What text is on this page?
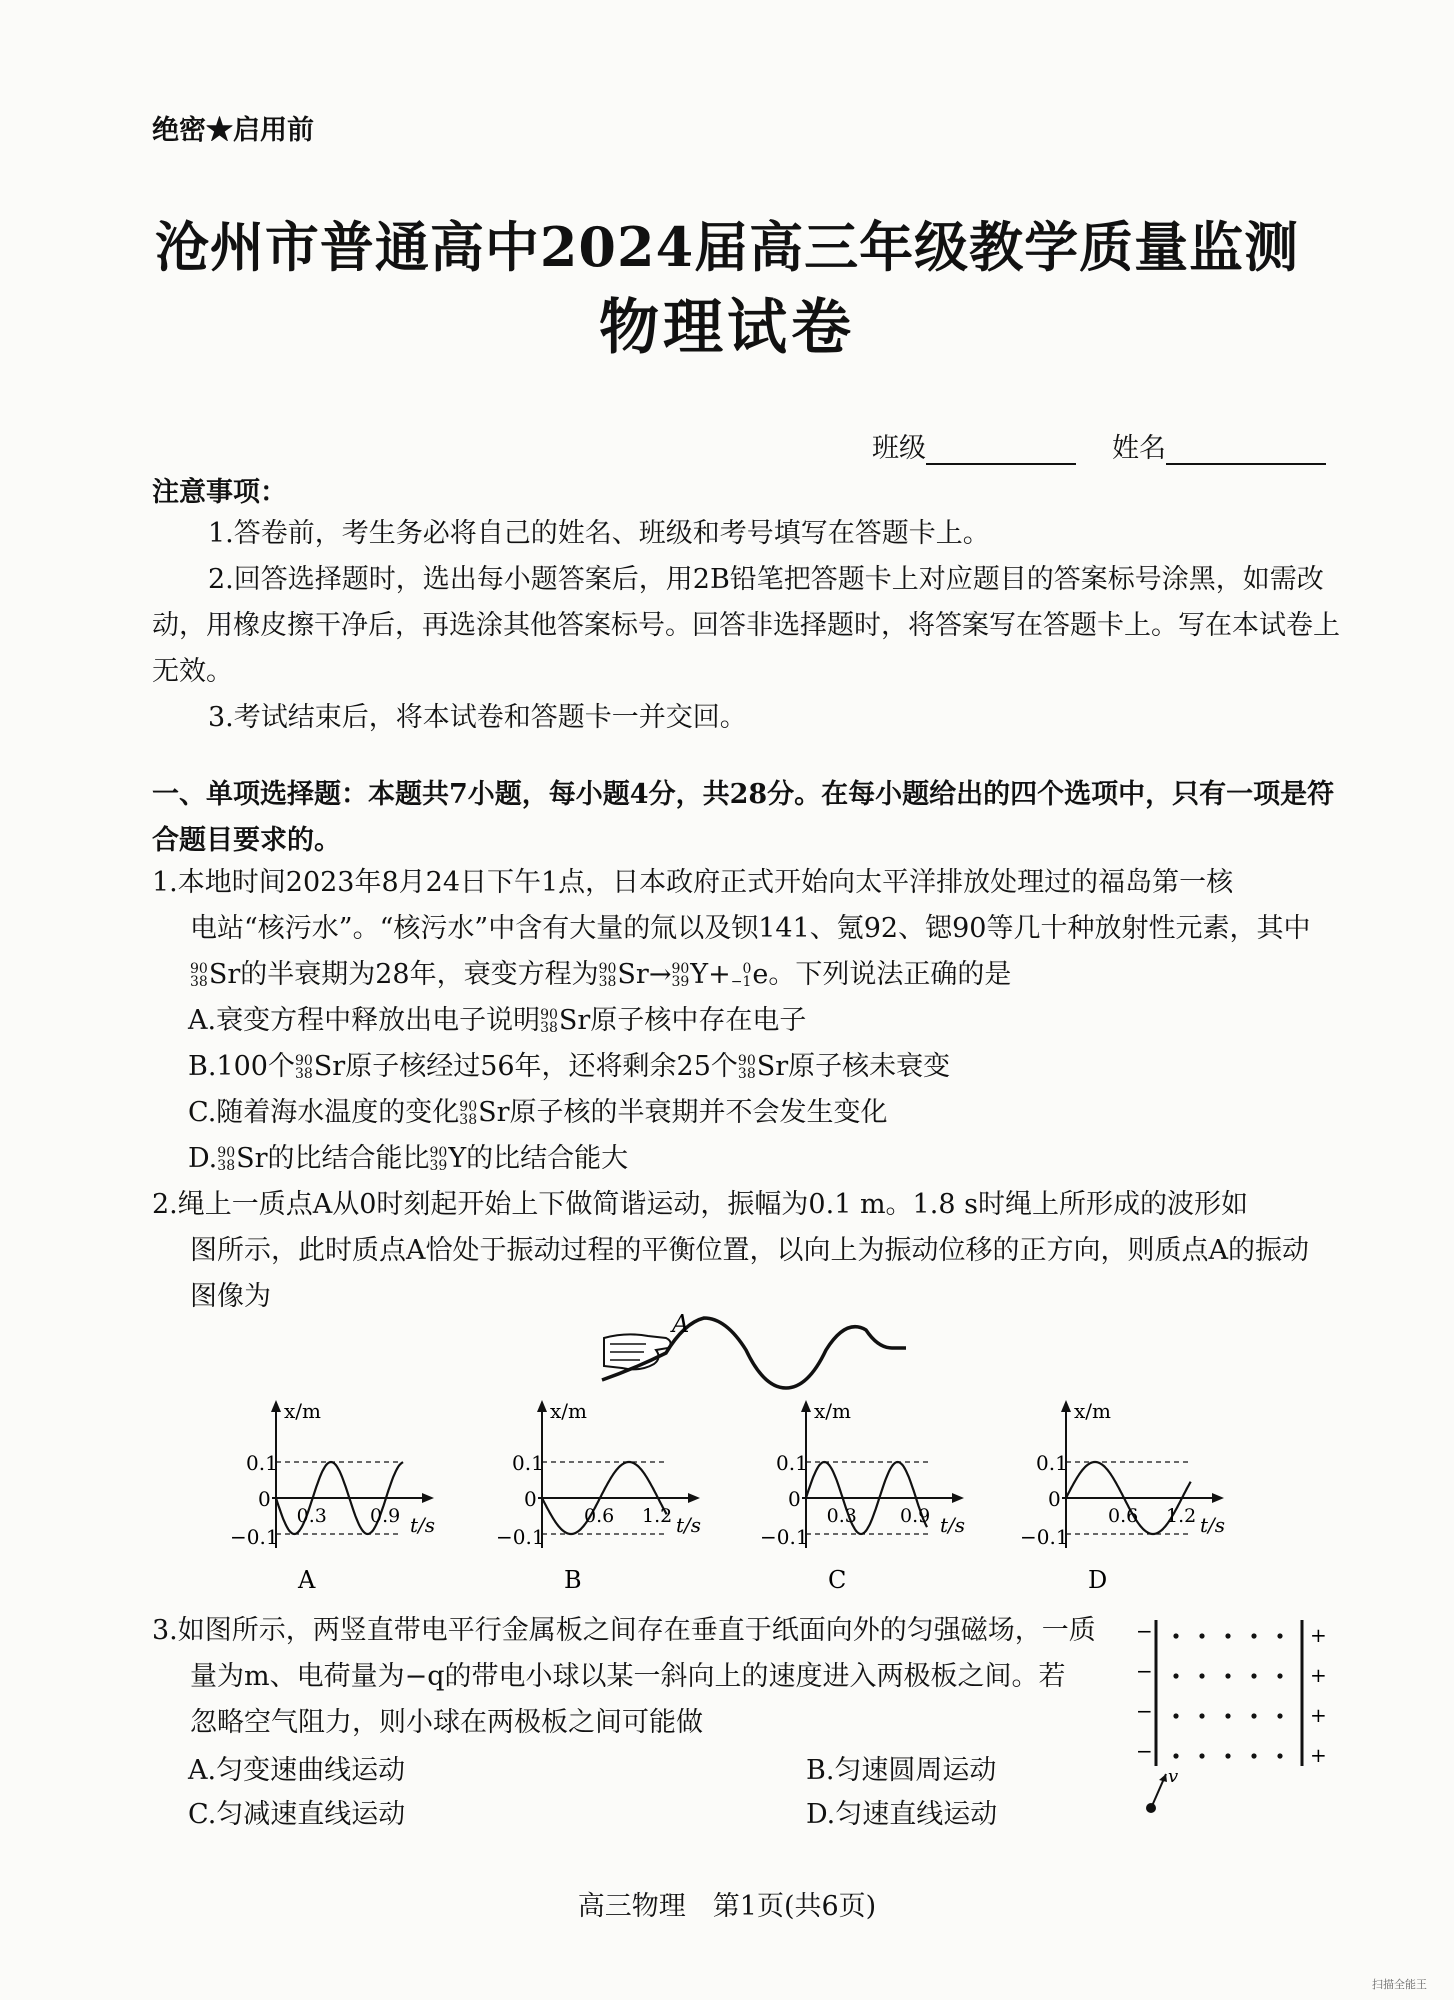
绝密★启用前
沧州市普通高中2024届高三年级教学质量监测
物理试卷
班级	姓名
注意事项：
1.答卷前，考生务必将自己的姓名、班级和考号填写在答题卡上。
2.回答选择题时，选出每小题答案后，用2B铅笔把答题卡上对应题目的答案标号涂黑，如需改动，用橡皮擦干净后，再选涂其他答案标号。回答非选择题时，将答案写在答题卡上。写在本试卷上无效。
3.考试结束后，将本试卷和答题卡一并交回。
一、单项选择题：本题共7小题，每小题4分，共28分。在每小题给出的四个选项中，只有一项是符合题目要求的。
1.本地时间2023年8月24日下午1点，日本政府正式开始向太平洋排放处理过的福岛第一核
电站“核污水”。“核污水”中含有大量的氚以及钡141、氪92、锶90等几十种放射性元素，其中
90
38 Sr的半衰期为28年，衰变方程为 90
38 Sr→ 90
39 Y+ 0
−1 e。下列说法正确的是
A.衰变方程中释放出电子说明 90
38 Sr原子核中存在电子
B.100个 90
38 Sr原子核经过56年，还将剩余25个 90
38 Sr原子核未衰变
C.随着海水温度的变化 90
38 Sr原子核的半衰期并不会发生变化
D. 90
38 Sr的比结合能比 90
39 Y的比结合能大
2.绳上一质点A从0时刻起开始上下做简谐运动，振幅为0.1 m。1.8 s时绳上所形成的波形如
图所示，此时质点A恰处于振动过程的平衡位置，以向上为振动位移的正方向，则质点A的振动
图像为
A
x/m
t/s
0.1
0
−0.1
0.3 0.9
A
x/m
t/s
0.1
0
−0.1
0.6 1.2
B
x/m
t/s
0.1
0
−0.1
0.3 0.9
C
x/m
t/s
0.1
0
−0.1
0.6 1.2
D
3.如图所示，两竖直带电平行金属板之间存在垂直于纸面向外的匀强磁场，一质
量为m、电荷量为−q的带电小球以某一斜向上的速度进入两极板之间。若
忽略空气阻力，则小球在两极板之间可能做
A.匀变速曲线运动	B.匀速圆周运动
C.匀减速直线运动	D.匀速直线运动
−	+
−	+
−	+
−	+
v
高三物理　第1页(共6页)
扫描全能王
